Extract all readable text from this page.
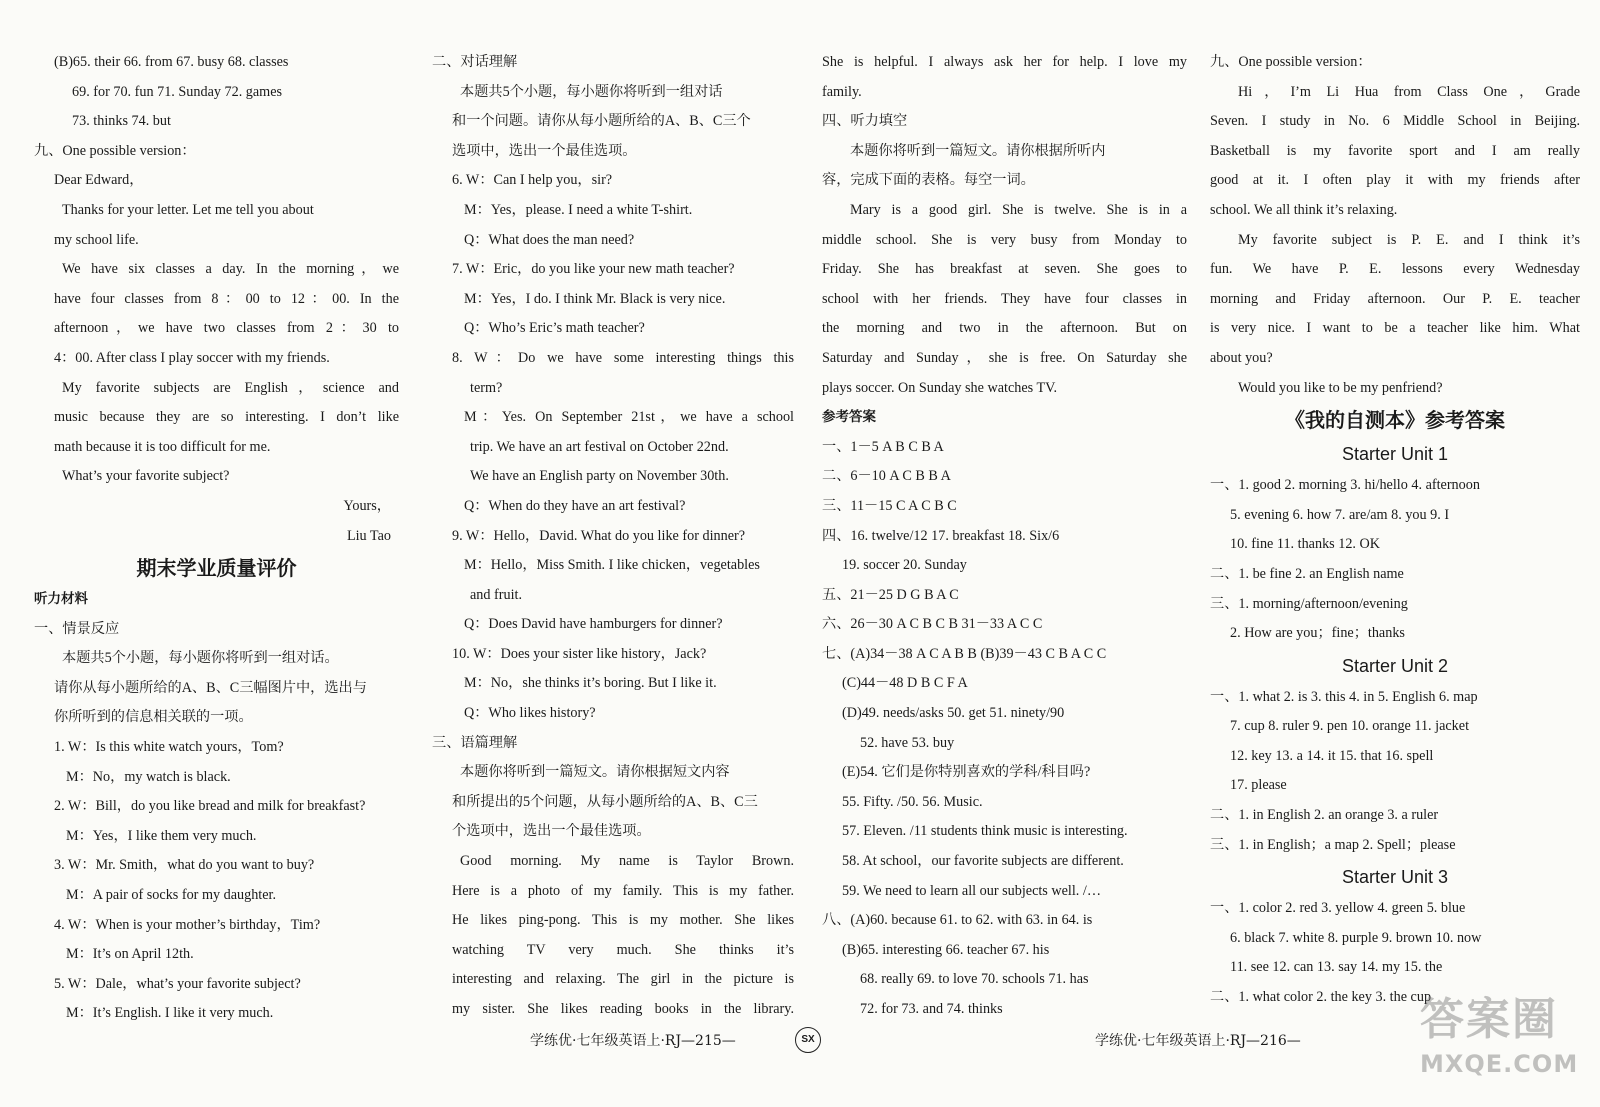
(B)65. their 66. from 67. busy 68. classes

69. for 70. fun 71. Sunday 72. games

73. thinks 74. but

九、One possible version：

Dear Edward，

Thanks for your letter. Let me tell you about

my school life.

We have six classes a day. In the morning，we

have four classes from 8：00 to 12：00. In the

afternoon，we have two classes from 2：30 to

4：00. After class I play soccer with my friends.

My favorite subjects are English，science and

music because they are so interesting. I don’t like

math because it is too difficult for me.

What’s your favorite subject?

Yours，

Liu Tao

期末学业质量评价

听力材料

一、情景反应

本题共5个小题，每小题你将听到一组对话。

请你从每小题所给的A、B、C三幅图片中，选出与

你所听到的信息相关联的一项。

1. W：Is this white watch yours，Tom?

M：No，my watch is black.

2. W：Bill，do you like bread and milk for breakfast?

M：Yes，I like them very much.

3. W：Mr. Smith，what do you want to buy?

M：A pair of socks for my daughter.

4. W：When is your mother’s birthday，Tim?

M：It’s on April 12th.

5. W：Dale，what’s your favorite subject?

M：It’s English. I like it very much.

二、对话理解

本题共5个小题，每小题你将听到一组对话

和一个问题。请你从每小题所给的A、B、C三个

选项中，选出一个最佳选项。

6. W：Can I help you，sir?

M：Yes，please. I need a white T-shirt.

Q：What does the man need?

7. W：Eric，do you like your new math teacher?

M：Yes，I do. I think Mr. Black is very nice.

Q：Who’s Eric’s math teacher?

8. W：Do we have some interesting things this

term?

M：Yes. On September 21st，we have a school

trip. We have an art festival on October 22nd.

We have an English party on November 30th.

Q：When do they have an art festival?

9. W：Hello，David. What do you like for dinner?

M：Hello，Miss Smith. I like chicken，vegetables

and fruit.

Q：Does David have hamburgers for dinner?

10. W：Does your sister like history，Jack?

M：No，she thinks it’s boring. But I like it.

Q：Who likes history?

三、语篇理解

本题你将听到一篇短文。请你根据短文内容

和所提出的5个问题，从每小题所给的A、B、C三

个选项中，选出一个最佳选项。

Good morning. My name is Taylor Brown.

Here is a photo of my family. This is my father.

He likes ping-pong. This is my mother. She likes

watching TV very much. She thinks it’s

interesting and relaxing. The girl in the picture is

my sister. She likes reading books in the library.

She is helpful. I always ask her for help. I love my

family.

四、听力填空

本题你将听到一篇短文。请你根据所听内

容，完成下面的表格。每空一词。

Mary is a good girl. She is twelve. She is in a

middle school. She is very busy from Monday to

Friday. She has breakfast at seven. She goes to

school with her friends. They have four classes in

the morning and two in the afternoon. But on

Saturday and Sunday，she is free. On Saturday she

plays soccer. On Sunday she watches TV.

参考答案

一、1－5 A B C B A

二、6－10 A C B B A

三、11－15 C A C B C

四、16. twelve/12 17. breakfast 18. Six/6

19. soccer 20. Sunday

五、21－25 D G B A C

六、26－30 A C B C B 31－33 A C C

七、(A)34－38 A C A B B (B)39－43 C B A C C

(C)44－48 D B C F A

(D)49. needs/asks 50. get 51. ninety/90

52. have 53. buy

(E)54. 它们是你特别喜欢的学科/科目吗?

55. Fifty. /50. 56. Music.

57. Eleven. /11 students think music is interesting.

58. At school，our favorite subjects are different.

59. We need to learn all our subjects well. /…

八、(A)60. because 61. to 62. with 63. in 64. is

(B)65. interesting 66. teacher 67. his

68. really 69. to love 70. schools 71. has

72. for 73. and 74. thinks

九、One possible version：

Hi，I’m Li Hua from Class One，Grade

Seven. I study in No. 6 Middle School in Beijing.

Basketball is my favorite sport and I am really

good at it. I often play it with my friends after

school. We all think it’s relaxing.

My favorite subject is P. E. and I think it’s

fun. We have P. E. lessons every Wednesday

morning and Friday afternoon. Our P. E. teacher

is very nice. I want to be a teacher like him. What

about you?

Would you like to be my penfriend?

《我的自测本》参考答案

Starter Unit 1

一、1. good 2. morning 3. hi/hello 4. afternoon

5. evening 6. how 7. are/am 8. you 9. I

10. fine 11. thanks 12. OK

二、1. be fine 2. an English name

三、1. morning/afternoon/evening

2. How are you；fine；thanks

Starter Unit 2

一、1. what 2. is 3. this 4. in 5. English 6. map

7. cup 8. ruler 9. pen 10. orange 11. jacket

12. key 13. a 14. it 15. that 16. spell

17. please

二、1. in English 2. an orange 3. a ruler

三、1. in English；a map 2. Spell；please

Starter Unit 3

一、1. color 2. red 3. yellow 4. green 5. blue

6. black 7. white 8. purple 9. brown 10. now

11. see 12. can 13. say 14. my 15. the

二、1. what color 2. the key 3. the cup

学练优·七年级英语上·RJ—215—	SX	学练优·七年级英语上·RJ—216—	答案圈
MXQE.COM
